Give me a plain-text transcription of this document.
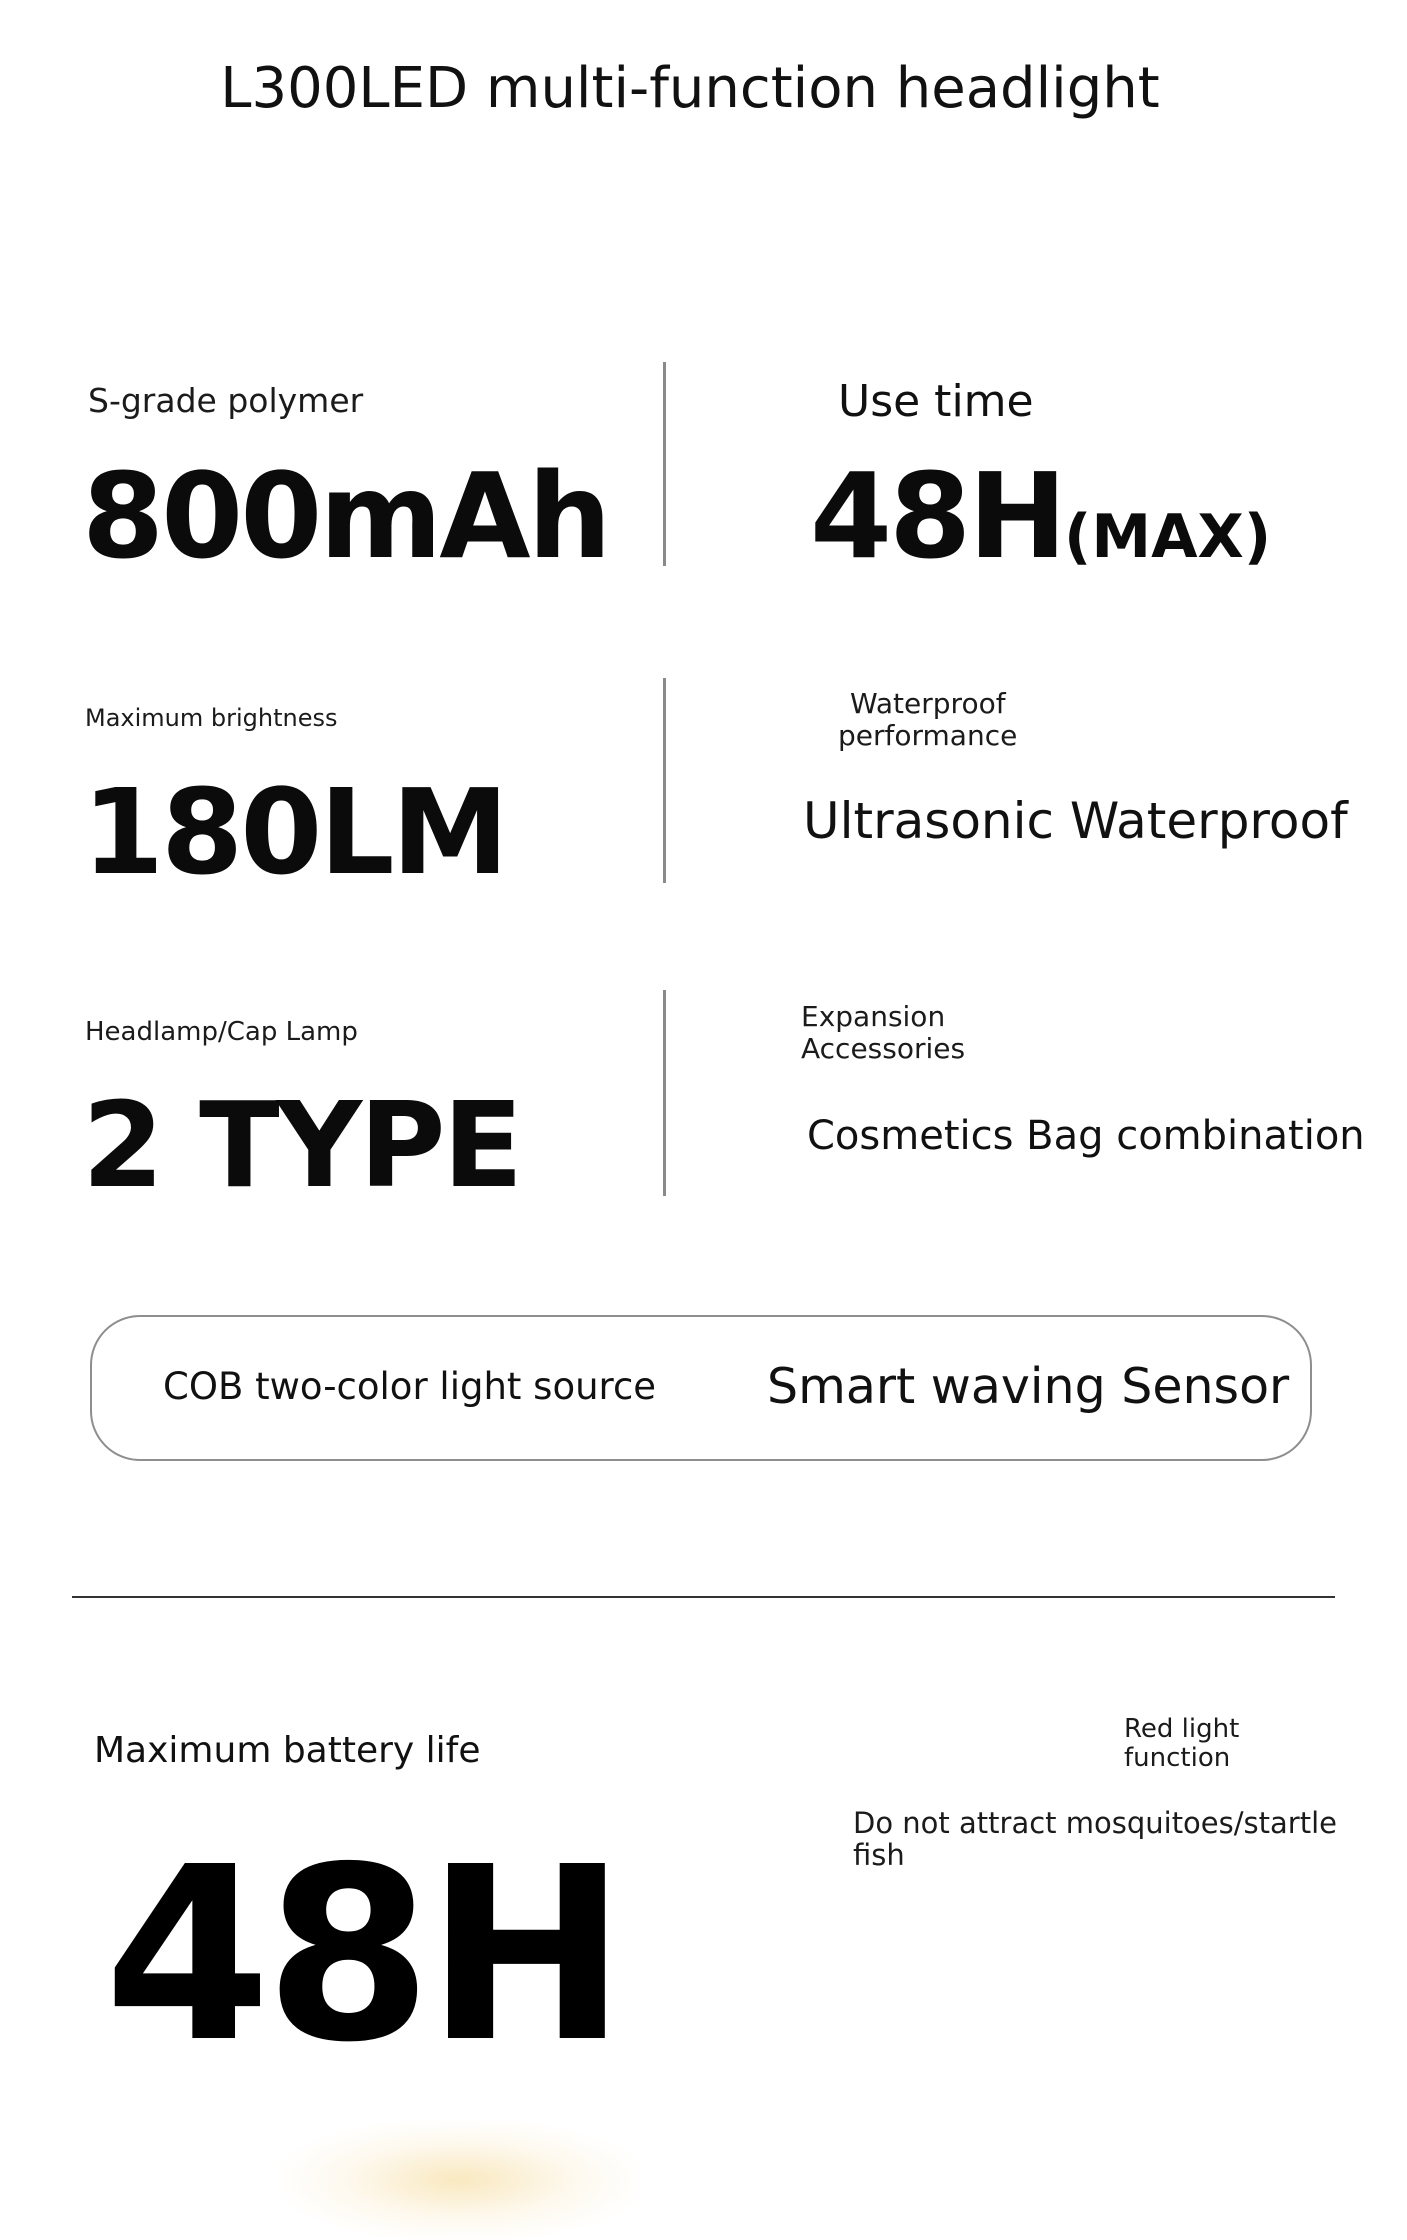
L300LED multi-function headlight
S-grade polymer
800mAh
Use time
48H(MAX)
Maximum brightness
180LM
Waterproof
performance
Ultrasonic Waterproof
Headlamp/Cap Lamp
2 TYPE
Expansion
Accessories
Cosmetics Bag combination
COB two-color light source Smart waving Sensor
Maximum battery life
48H
Red light
function
Do not attract mosquitoes/startle
fish
